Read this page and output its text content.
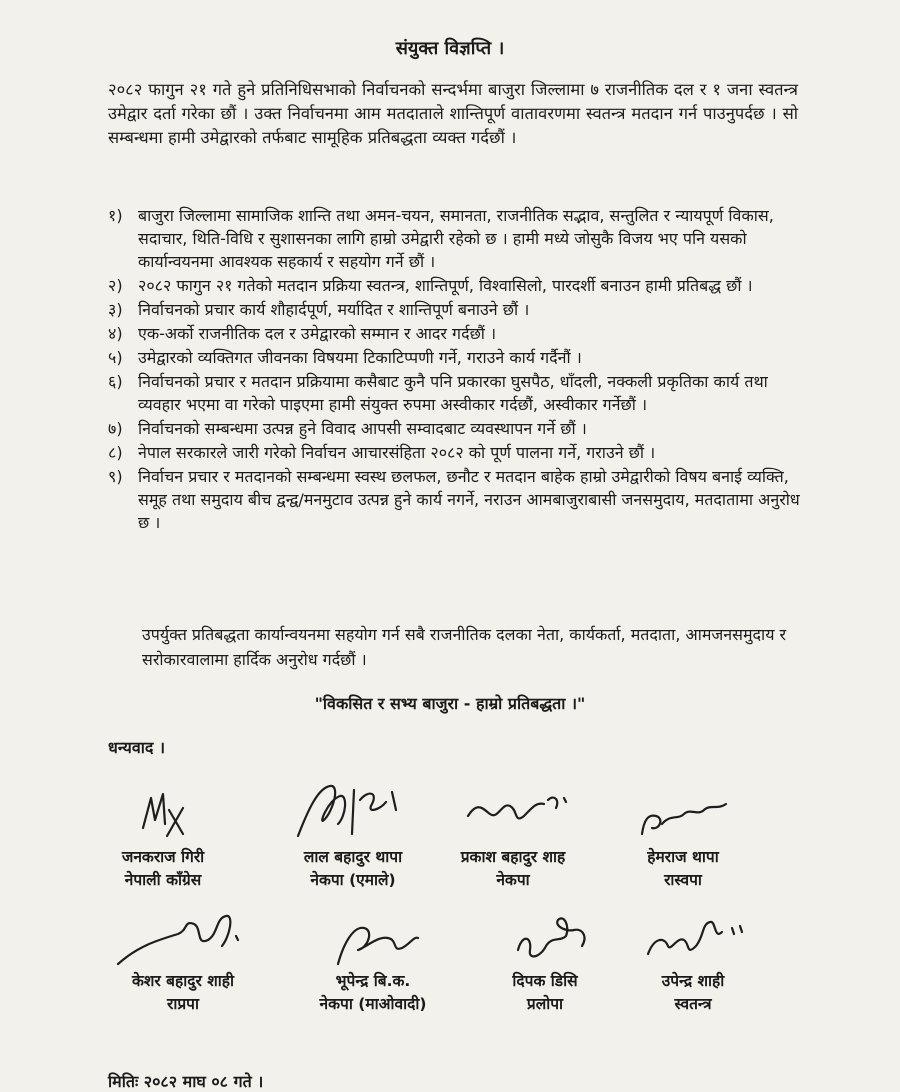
संयुक्त विज्ञप्ति ।
२०८२ फागुन २१ गते हुने प्रतिनिधिसभाको निर्वाचनको सन्दर्भमा बाजुरा जिल्लामा ७ राजनीतिक दल र १ जना स्वतन्त्र उमेद्वार दर्ता गरेका छौं । उक्त निर्वाचनमा आम मतदाताले शान्तिपूर्ण वातावरणमा स्वतन्त्र मतदान गर्न पाउनुपर्दछ । सो सम्बन्धमा हामी उमेद्वारको तर्फबाट सामूहिक प्रतिबद्धता व्यक्त गर्दछौं ।
१) बाजुरा जिल्लामा सामाजिक शान्ति तथा अमन-चयन, समानता, राजनीतिक सद्भाव, सन्तुलित र न्यायपूर्ण विकास, सदाचार, थिति-विधि र सुशासनका लागि हाम्रो उमेद्वारी रहेको छ । हामी मध्ये जोसुकै विजय भए पनि यसको कार्यान्वयनमा आवश्यक सहकार्य र सहयोग गर्ने छौं ।
२) २०८२ फागुन २१ गतेको मतदान प्रक्रिया स्वतन्त्र, शान्तिपूर्ण, विश्वासिलो, पारदर्शी बनाउन हामी प्रतिबद्ध छौं ।
३) निर्वाचनको प्रचार कार्य शौहार्दपूर्ण, मर्यादित र शान्तिपूर्ण बनाउने छौं ।
४) एक-अर्को राजनीतिक दल र उमेद्वारको सम्मान र आदर गर्दछौं ।
५) उमेद्वारको व्यक्तिगत जीवनका विषयमा टिकाटिप्पणी गर्ने, गराउने कार्य गर्दैनौं ।
६) निर्वाचनको प्रचार र मतदान प्रक्रियामा कसैबाट कुनै पनि प्रकारका घुसपैठ, धाँदली, नक्कली प्रकृतिका कार्य तथा व्यवहार भएमा वा गरेको पाइएमा हामी संयुक्त रुपमा अस्वीकार गर्दछौं, अस्वीकार गर्नेछौं ।
७) निर्वाचनको सम्बन्धमा उत्पन्न हुने विवाद आपसी सम्वादबाट व्यवस्थापन गर्ने छौं ।
८) नेपाल सरकारले जारी गरेको निर्वाचन आचारसंहिता २०८२ को पूर्ण पालना गर्ने, गराउने छौं ।
९) निर्वाचन प्रचार र मतदानको सम्बन्धमा स्वस्थ छलफल, छनौट र मतदान बाहेक हाम्रो उमेद्वारीको विषय बनाई व्यक्ति, समूह तथा समुदाय बीच द्वन्द्व/मनमुटाव उत्पन्न हुने कार्य नगर्ने, नराउन आमबाजुराबासी जनसमुदाय, मतदातामा अनुरोध छ ।
उपर्युक्त प्रतिबद्धता कार्यान्वयनमा सहयोग गर्न सबै राजनीतिक दलका नेता, कार्यकर्ता, मतदाता, आमजनसमुदाय र सरोकारवालामा हार्दिक अनुरोध गर्दछौं ।
"विकसित र सभ्य बाजुरा - हाम्रो प्रतिबद्धता ।"
धन्यवाद ।
जनकराज गिरी
नेपाली काँग्रेस
लाल बहादुर थापा
नेकपा (एमाले)
प्रकाश बहादुर शाह
नेकपा
हेमराज थापा
रास्वपा
केशर बहादुर शाही
राप्रपा
भूपेन्द्र बि.क.
नेकपा (माओवादी)
दिपक डिसि
प्रलोपा
उपेन्द्र शाही
स्वतन्त्र
मितिः २०८२ माघ ०८ गते ।
